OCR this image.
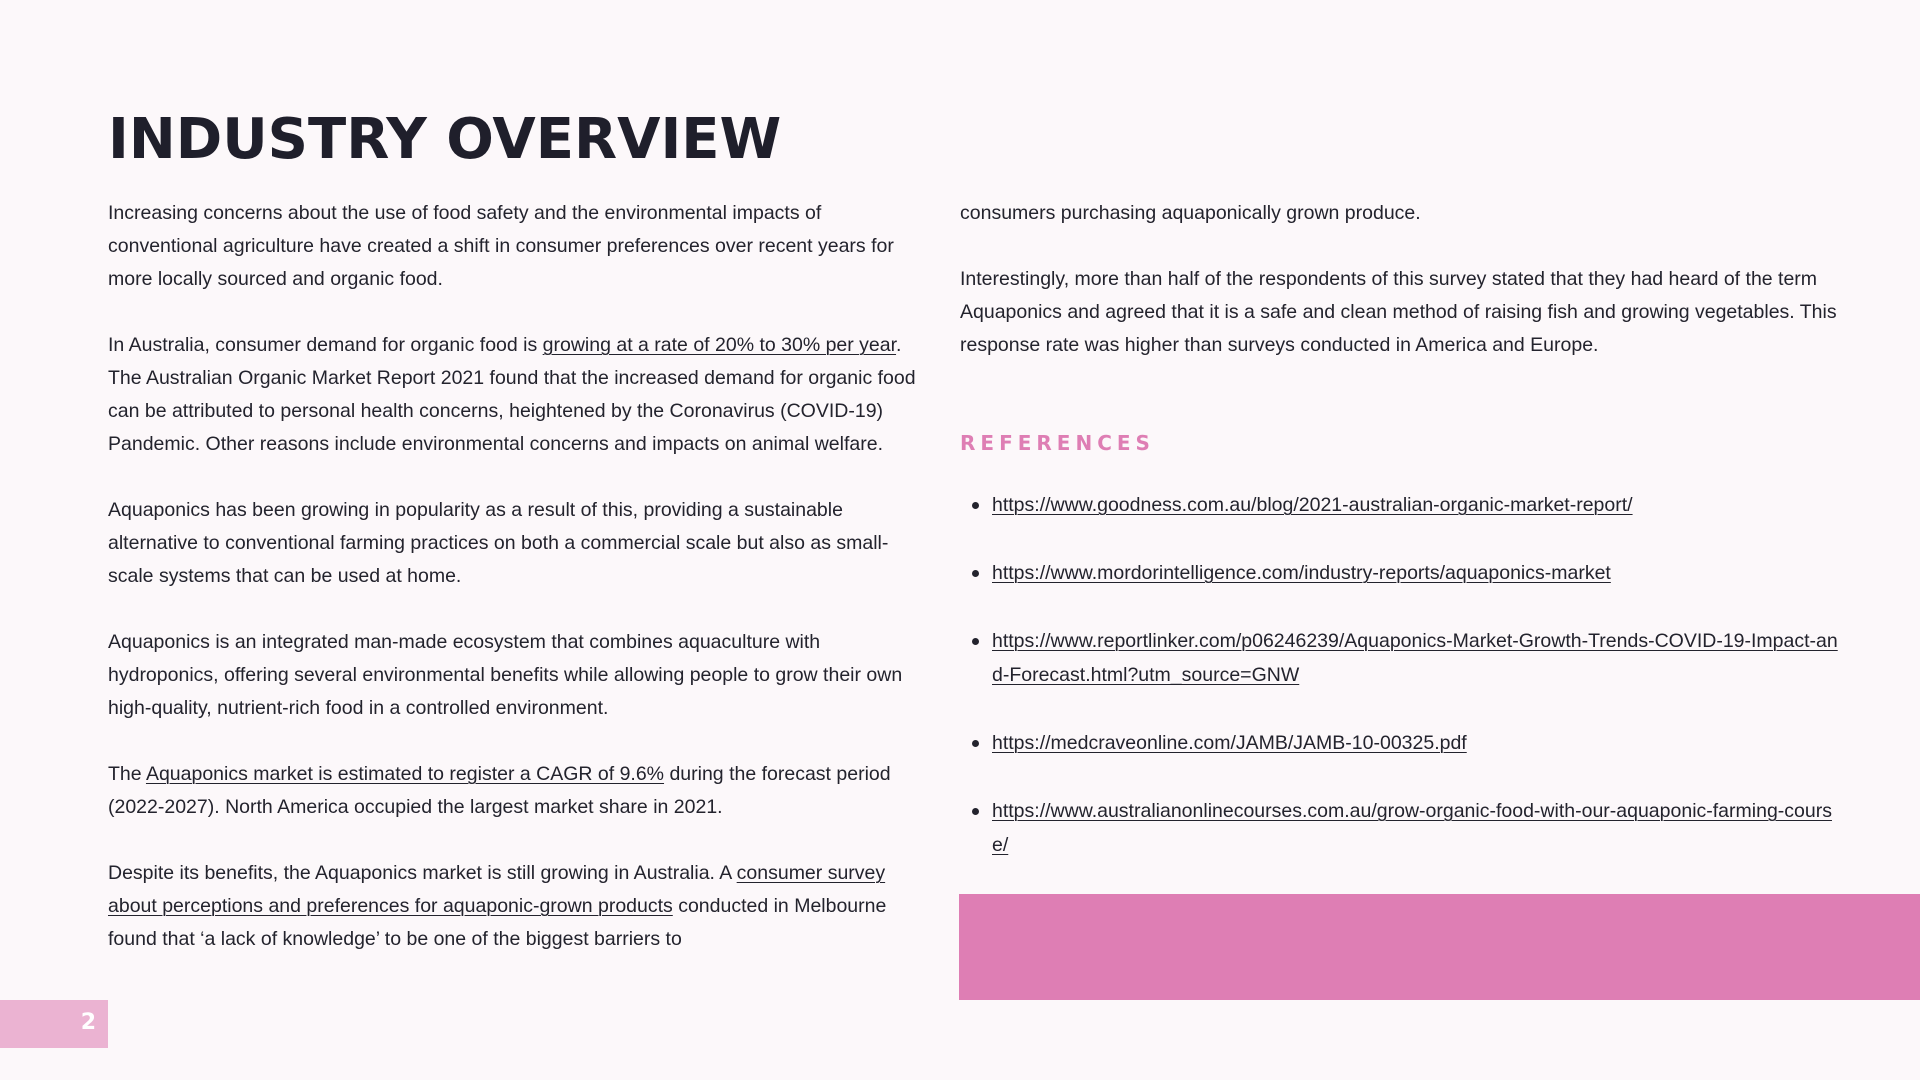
INDUSTRY OVERVIEW

Increasing concerns about the use of food safety and the environmental impacts of conventional agriculture have created a shift in consumer preferences over recent years for more locally sourced and organic food.

In Australia, consumer demand for organic food is growing at a rate of 20% to 30% per year. The Australian Organic Market Report 2021 found that the increased demand for organic food can be attributed to personal health concerns, heightened by the Coronavirus (COVID-19) Pandemic. Other reasons include environmental concerns and impacts on animal welfare.

Aquaponics has been growing in popularity as a result of this, providing a sustainable alternative to conventional farming practices on both a commercial scale but also as small-scale systems that can be used at home.

Aquaponics is an integrated man-made ecosystem that combines aquaculture with hydroponics, offering several environmental benefits while allowing people to grow their own high-quality, nutrient-rich food in a controlled environment.

The Aquaponics market is estimated to register a CAGR of 9.6% during the forecast period (2022-2027). North America occupied the largest market share in 2021.

Despite its benefits, the Aquaponics market is still growing in Australia. A consumer survey about perceptions and preferences for aquaponic-grown products conducted in Melbourne found that ‘a lack of knowledge’ to be one of the biggest barriers to

consumers purchasing aquaponically grown produce.

Interestingly, more than half of the respondents of this survey stated that they had heard of the term Aquaponics and agreed that it is a safe and clean method of raising fish and growing vegetables. This response rate was higher than surveys conducted in America and Europe.

REFERENCES
https://www.goodness.com.au/blog/2021-australian-organic-market-report/
https://www.mordorintelligence.com/industry-reports/aquaponics-market
https://www.reportlinker.com/p06246239/Aquaponics-Market-Growth-Trends-COVID-19-Impact-and-Forecast.html?utm_source=GNW
https://medcraveonline.com/JAMB/JAMB-10-00325.pdf
https://www.australianonlinecourses.com.au/grow-organic-food-with-our-aquaponic-farming-course/
2
